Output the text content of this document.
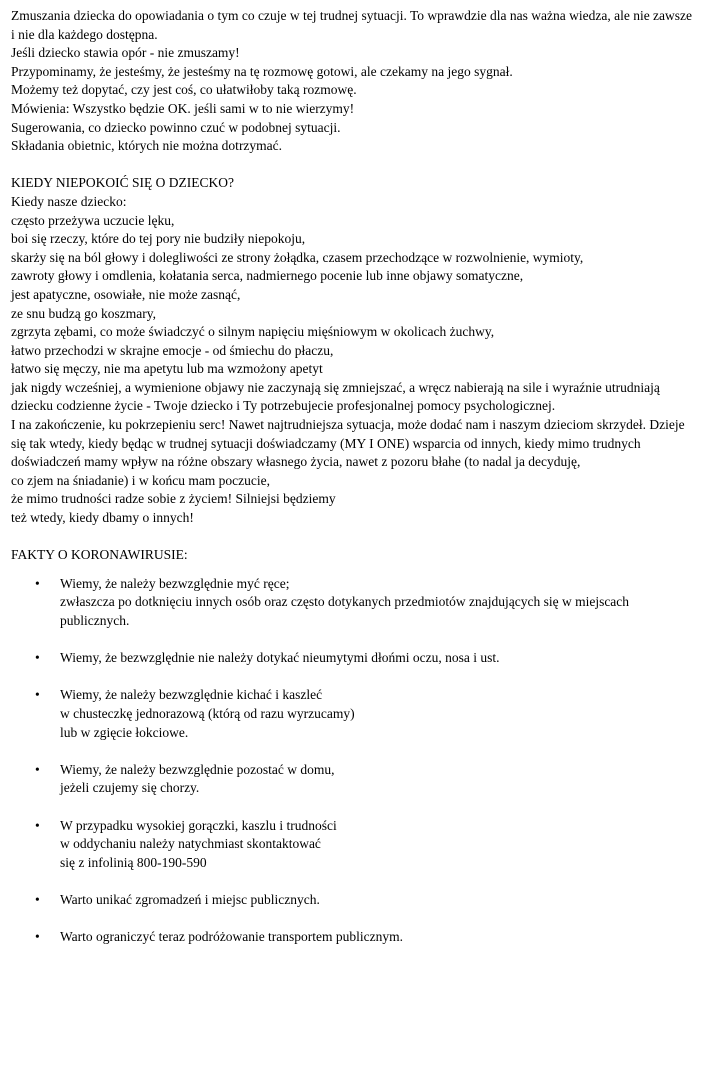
Zmuszania dziecka do opowiadania o tym co czuje w tej trudnej sytuacji. To wprawdzie dla nas ważna wiedza, ale nie zawsze
i nie dla każdego dostępna.
Jeśli dziecko stawia opór - nie zmuszamy!
Przypominamy, że jesteśmy, że jesteśmy na tę rozmowę gotowi, ale czekamy na jego sygnał.
Możemy też dopytać, czy jest coś, co ułatwiłoby taką rozmowę.
Mówienia: Wszystko będzie OK. jeśli sami w to nie wierzymy!
Sugerowania, co dziecko powinno czuć w podobnej sytuacji.
Składania obietnic, których nie można dotrzymać.
KIEDY NIEPOKOIĆ SIĘ O DZIECKO?
Kiedy nasze dziecko:
często przeżywa uczucie lęku,
boi się rzeczy, które do tej pory nie budziły niepokoju,
skarży się na ból głowy i dolegliwości ze strony żołądka, czasem przechodzące w rozwolnienie, wymioty,
zawroty głowy i omdlenia, kołatania serca, nadmiernego pocenie lub inne objawy somatyczne,
jest apatyczne, osowiałe, nie może zasnąć,
ze snu budzą go koszmary,
zgrzyta zębami, co może świadczyć o silnym napięciu mięśniowym w okolicach żuchwy,
łatwo przechodzi w skrajne emocje - od śmiechu do płaczu,
łatwo się męczy, nie ma apetytu lub ma wzmożony apetyt
jak nigdy wcześniej, a wymienione objawy nie zaczynają się zmniejszać, a wręcz nabierają na sile i wyraźnie utrudniają dziecku codzienne życie - Twoje dziecko i Ty potrzebujecie profesjonalnej pomocy psychologicznej.
I na zakończenie, ku pokrzepieniu serc! Nawet najtrudniejsza sytuacja, może dodać nam i naszym dzieciom skrzydeł. Dzieje się tak wtedy, kiedy będąc w trudnej sytuacji doświadczamy (MY I ONE) wsparcia od innych, kiedy mimo trudnych doświadczeń mamy wpływ na różne obszary własnego życia, nawet z pozoru błahe (to nadal ja decyduję,
co zjem na śniadanie) i w końcu mam poczucie,
że mimo trudności radze sobie z życiem! Silniejsi będziemy
też wtedy, kiedy dbamy o innych!
FAKTY O KORONAWIRUSIE:
• Wiemy, że należy bezwzględnie myć ręce;
zwłaszcza po dotknięciu innych osób oraz często dotykanych przedmiotów znajdujących się w miejscach publicznych.
• Wiemy, że bezwzględnie nie należy dotykać nieumytymi dłońmi oczu, nosa i ust.
• Wiemy, że należy bezwzględnie kichać i kaszleć
w chusteczkę jednorazową (którą od razu wyrzucamy)
lub w zgięcie łokciowe.
• Wiemy, że należy bezwzględnie pozostać w domu,
jeżeli czujemy się chorzy.
• W przypadku wysokiej gorączki, kaszlu i trudności
w oddychaniu należy natychmiast skontaktować
się z infolinią 800-190-590
• Warto unikać zgromadzeń i miejsc publicznych.
• Warto ograniczyć teraz podróżowanie transportem publicznym.
